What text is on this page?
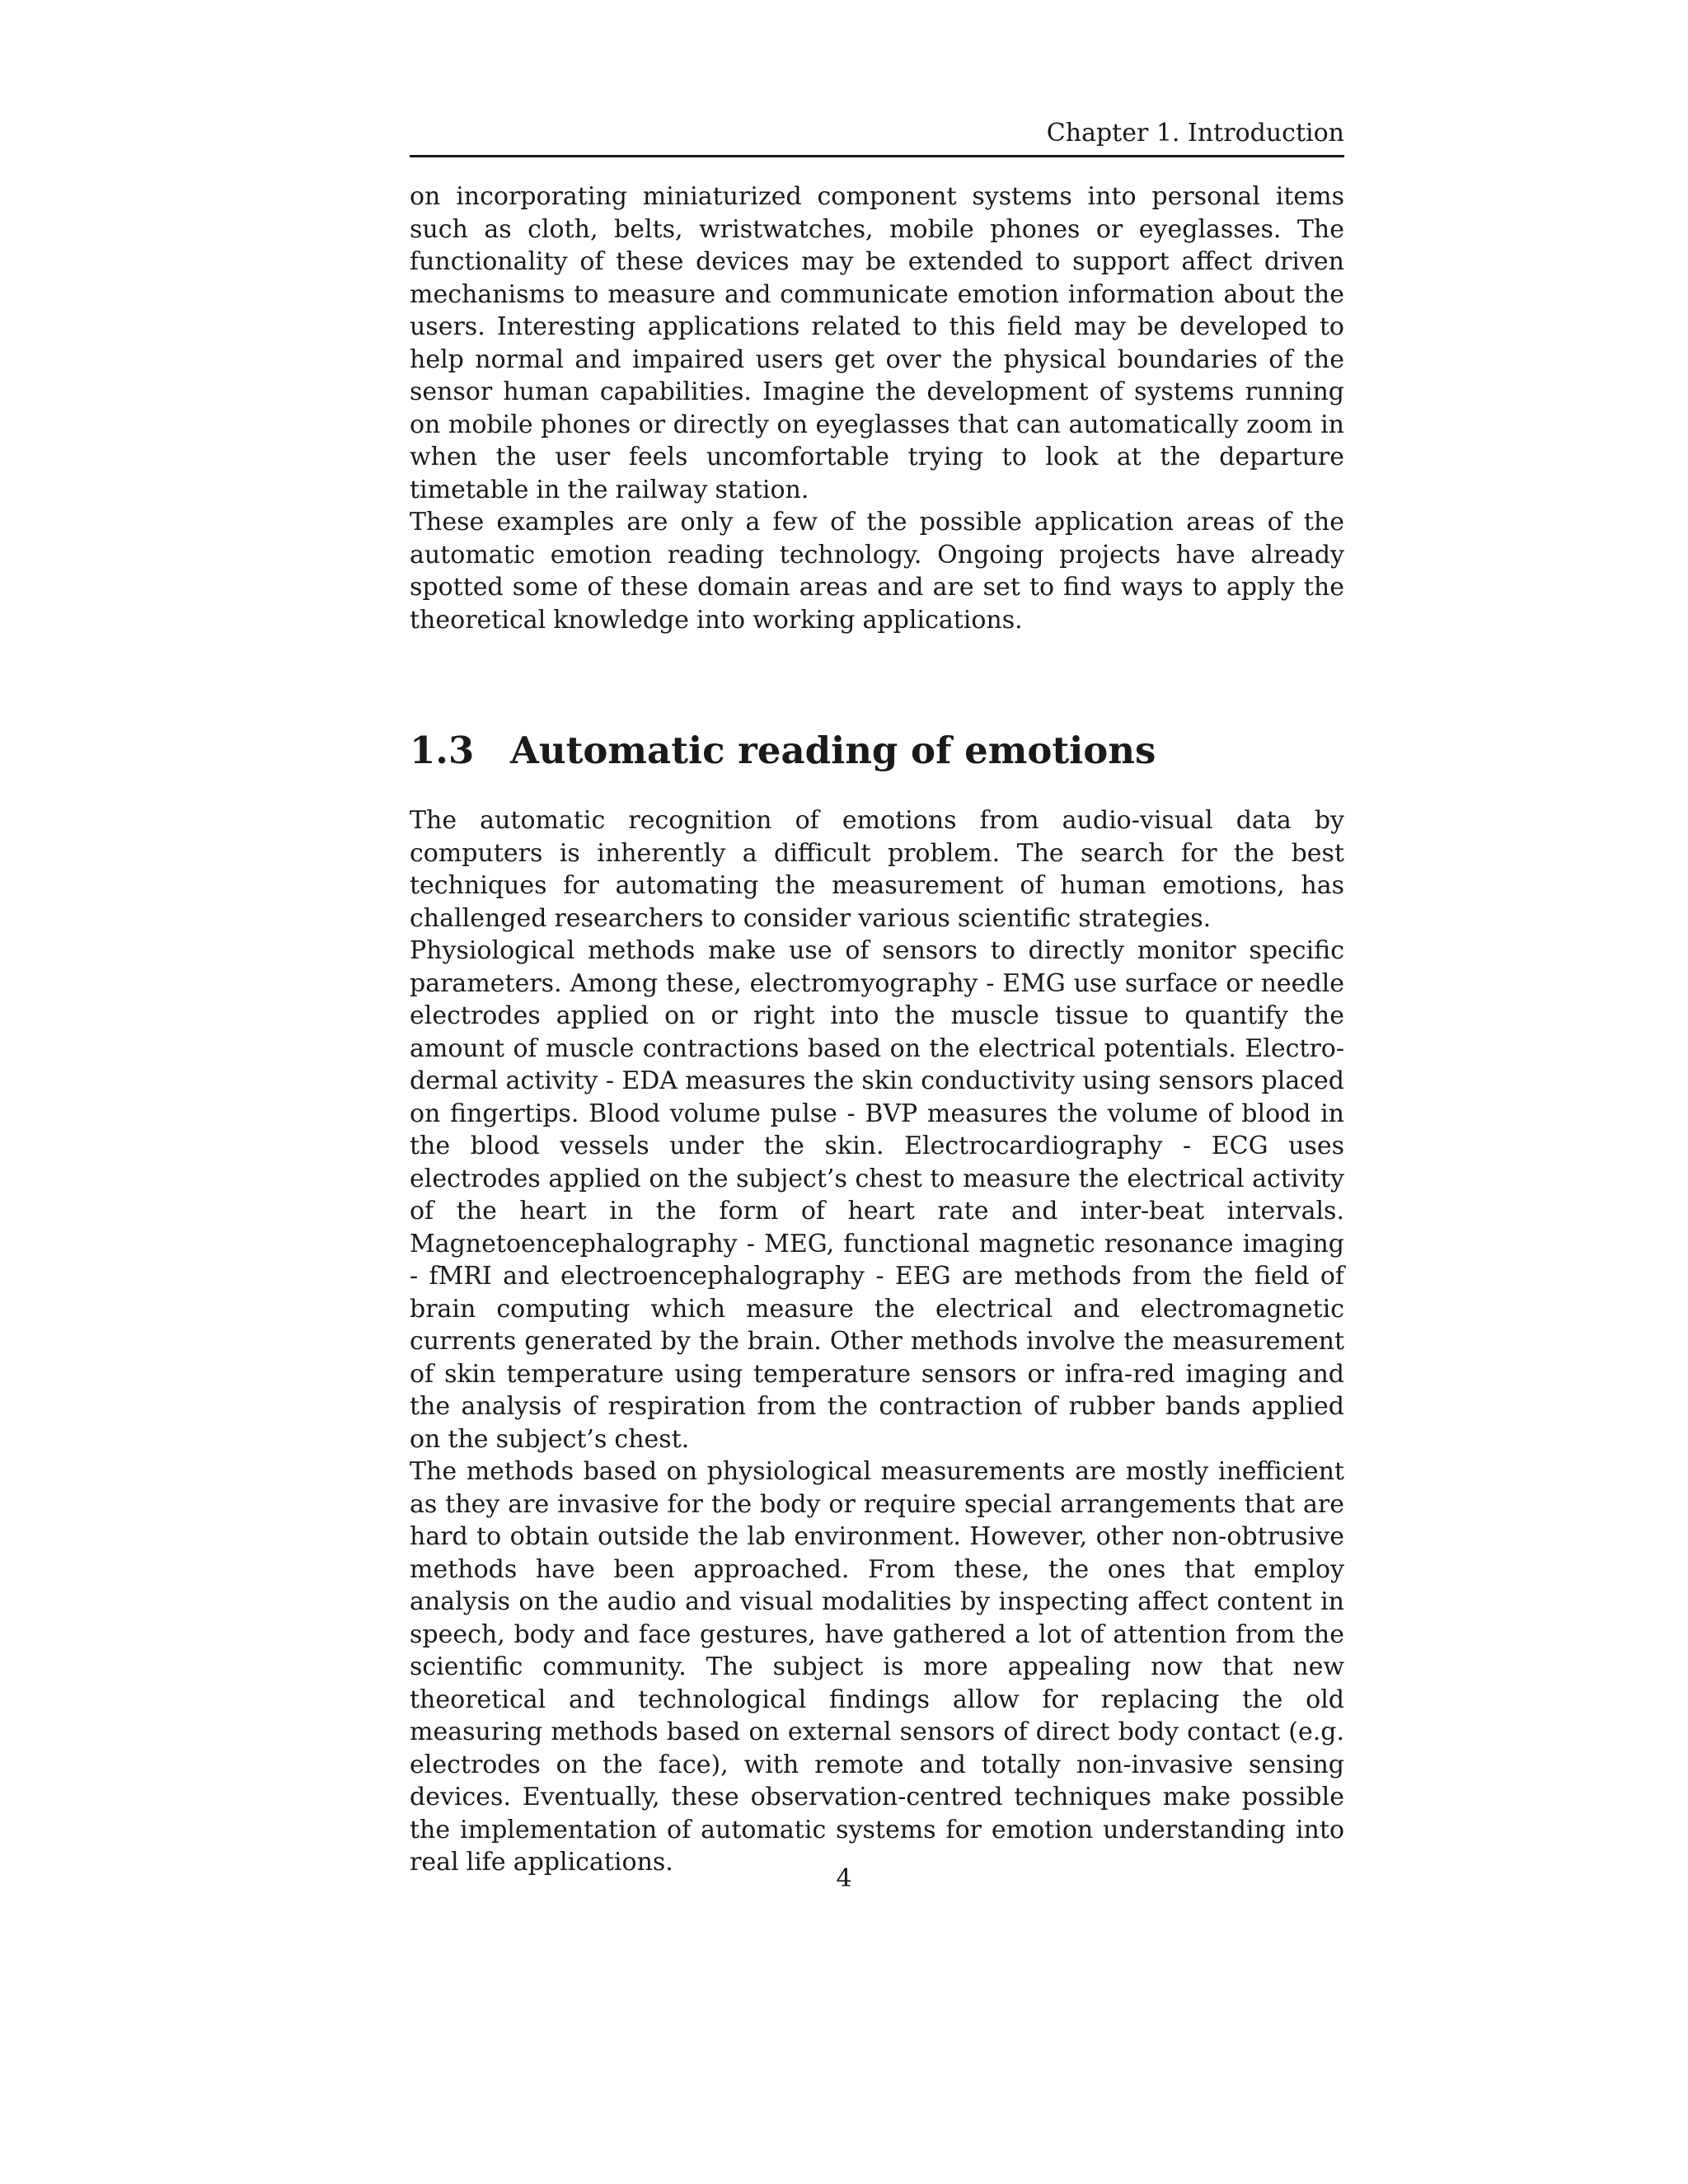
Chapter 1. Introduction

on incorporating miniaturized component systems into personal items such as cloth, belts, wristwatches, mobile phones or eyeglasses. The functionality of these devices may be extended to support affect driven mechanisms to measure and communicate emotion information about the users. Interesting applications related to this field may be developed to help normal and impaired users get over the physical boundaries of the sensor human capabilities. Imagine the development of systems running on mobile phones or directly on eyeglasses that can automatically zoom in when the user feels uncomfortable trying to look at the departure timetable in the railway station.

These examples are only a few of the possible application areas of the automatic emotion reading technology. Ongoing projects have already spotted some of these domain areas and are set to find ways to apply the theoretical knowledge into working applications.

1.3 Automatic reading of emotions

The automatic recognition of emotions from audio-visual data by computers is inherently a difficult problem. The search for the best techniques for automating the measurement of human emotions, has challenged researchers to consider various scientific strategies.

Physiological methods make use of sensors to directly monitor specific parameters. Among these, electromyography - EMG use surface or needle electrodes applied on or right into the muscle tissue to quantify the amount of muscle contractions based on the electrical potentials. Electro-dermal activity - EDA measures the skin conductivity using sensors placed on fingertips. Blood volume pulse - BVP measures the volume of blood in the blood vessels under the skin. Electrocardiography - ECG uses electrodes applied on the subject’s chest to measure the electrical activity of the heart in the form of heart rate and inter-beat intervals. Magnetoencephalography - MEG, functional magnetic resonance imaging - fMRI and electroencephalography - EEG are methods from the field of brain computing which measure the electrical and electromagnetic currents generated by the brain. Other methods involve the measurement of skin temperature using temperature sensors or infra-red imaging and the analysis of respiration from the contraction of rubber bands applied on the subject’s chest.

The methods based on physiological measurements are mostly inefficient as they are invasive for the body or require special arrangements that are hard to obtain outside the lab environment. However, other non-obtrusive methods have been approached. From these, the ones that employ analysis on the audio and visual modalities by inspecting affect content in speech, body and face gestures, have gathered a lot of attention from the scientific community. The subject is more appealing now that new theoretical and technological findings allow for replacing the old measuring methods based on external sensors of direct body contact (e.g. electrodes on the face), with remote and totally non-invasive sensing devices. Eventually, these observation-centred techniques make possible the implementation of automatic systems for emotion understanding into real life applications.

4
